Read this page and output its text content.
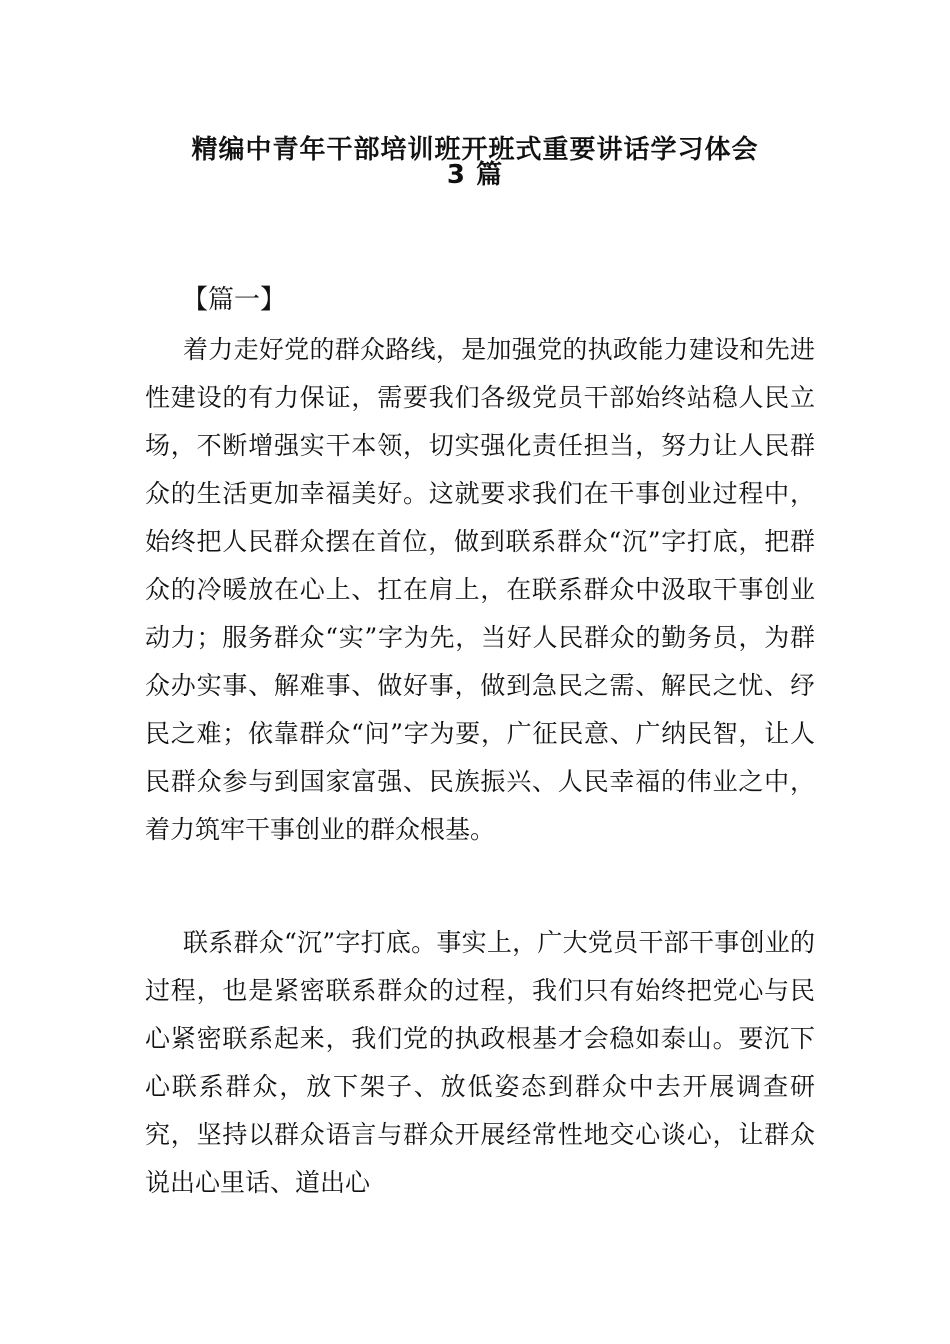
精编中青年干部培训班开班式重要讲话学习体会
3 篇
【篇一】

着力走好党的群众路线，是加强党的执政能力建设和先进性建设的有力保证，需要我们各级党员干部始终站稳人民立场，不断增强实干本领，切实强化责任担当，努力让人民群众的生活更加幸福美好。这就要求我们在干事创业过程中，始终把人民群众摆在首位，做到联系群众“沉”字打底，把群众的冷暖放在心上、扛在肩上，在联系群众中汲取干事创业动力；服务群众“实”字为先，当好人民群众的勤务员，为群众办实事、解难事、做好事，做到急民之需、解民之忧、纾民之难；依靠群众“问”字为要，广征民意、广纳民智，让人民群众参与到国家富强、民族振兴、人民幸福的伟业之中，着力筑牢干事创业的群众根基。

联系群众“沉”字打底。事实上，广大党员干部干事创业的过程，也是紧密联系群众的过程，我们只有始终把党心与民心紧密联系起来，我们党的执政根基才会稳如泰山。要沉下心联系群众，放下架子、放低姿态到群众中去开展调查研究，坚持以群众语言与群众开展经常性地交心谈心，让群众说出心里话、道出心
